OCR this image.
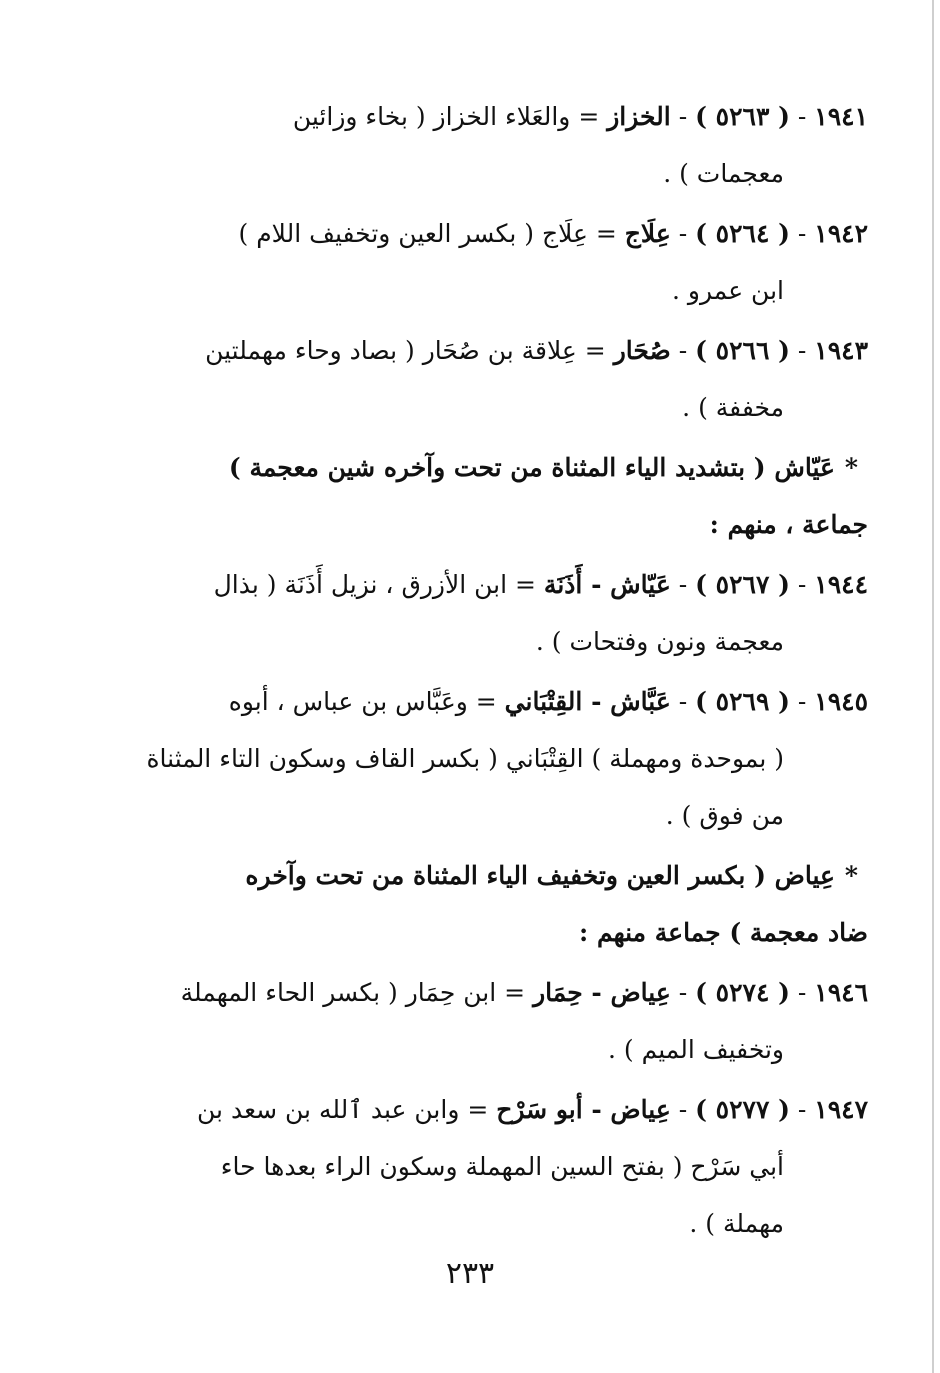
١٩٤١ - ( ٥٢٦٣ ) - الخزاز = والعَلاء الخزاز ( بخاء وزائين
معجمات ) .
١٩٤٢ - ( ٥٢٦٤ ) - عِلَاج = عِلَاج ( بكسر العين وتخفيف اللام )
ابن عمرو .
١٩٤٣ - ( ٥٢٦٦ ) - صُحَار = عِلاقة بن صُحَار ( بصاد وحاء مهملتين
مخففة ) .
*عَيّاش ( بتشديد الياء المثناة من تحت وآخره شين معجمة )
جماعة ، منهم :
١٩٤٤ - ( ٥٢٦٧ ) - عَيّاش - أَذَنَة = ابن الأزرق ، نزيل أَذَنَة ( بذال
معجمة ونون وفتحات ) .
١٩٤٥ - ( ٥٢٦٩ ) - عَبَّاش - القِتْبَاني = وعَبَّاس بن عباس ، أبوه
( بموحدة ومهملة ) القِتْبَاني ( بكسر القاف وسكون التاء المثناة
من فوق ) .
*عِياض ( بكسر العين وتخفيف الياء المثناة من تحت وآخره
ضاد معجمة ) جماعة منهم :
١٩٤٦ - ( ٥٢٧٤ ) - عِياض - حِمَار = ابن حِمَار ( بكسر الحاء المهملة
وتخفيف الميم ) .
١٩٤٧ - ( ٥٢٧٧ ) - عِياض - أبو سَرْح = وابن عبد ٱلله بن سعد بن
أبي سَرْح ( بفتح السين المهملة وسكون الراء بعدها حاء
مهملة ) .
٢٣٣
